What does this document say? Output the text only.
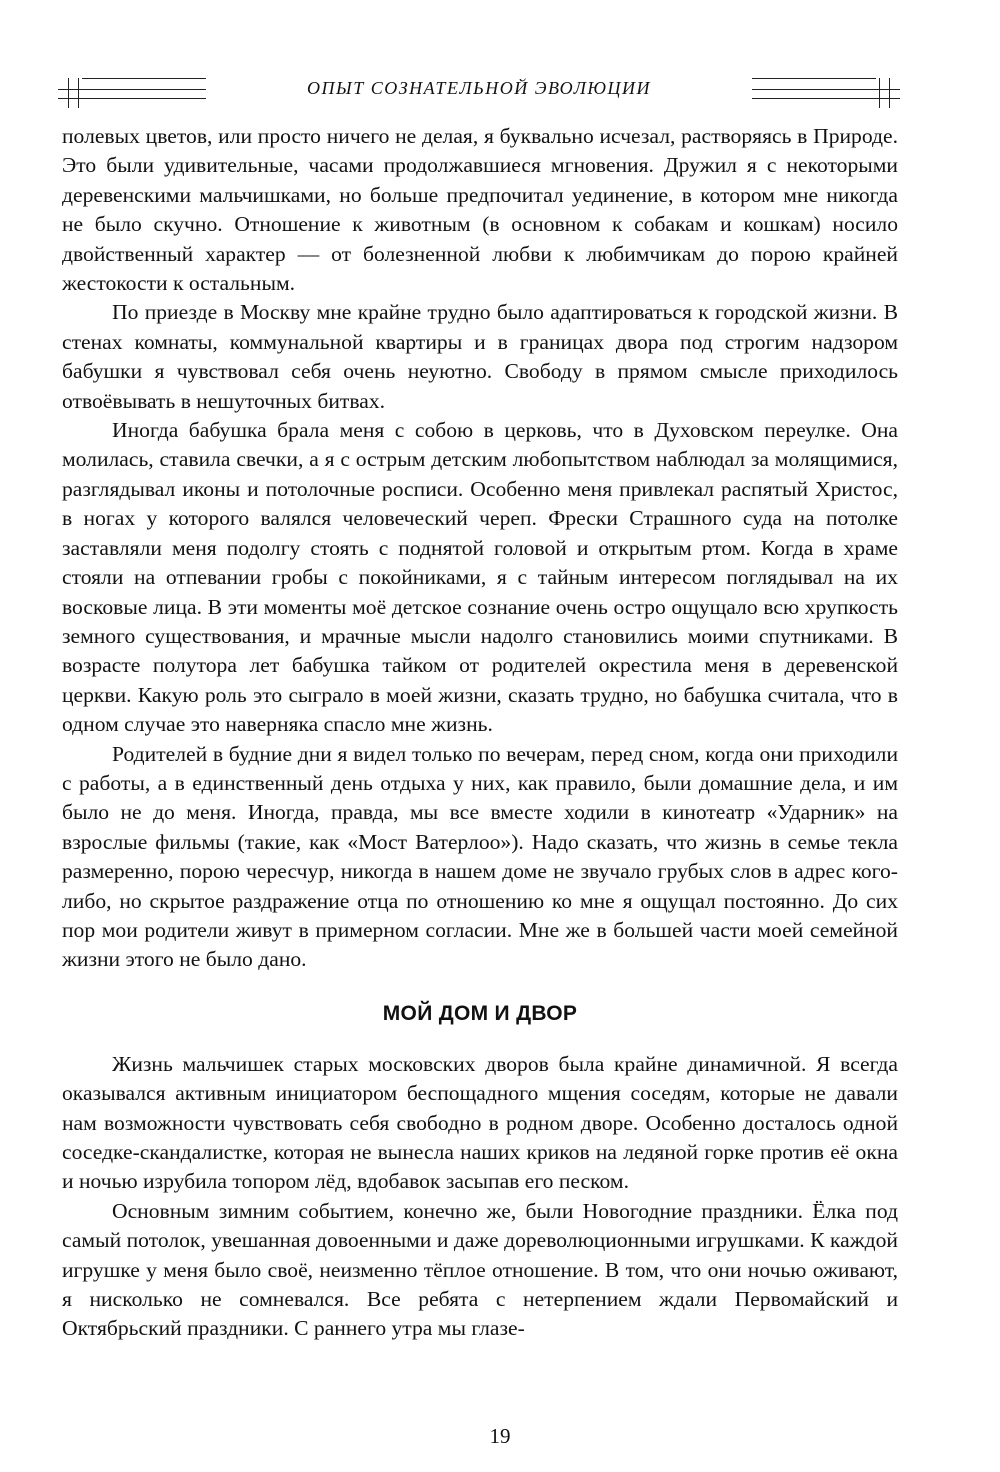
ОПЫТ СОЗНАТЕЛЬНОЙ ЭВОЛЮЦИИ

полевых цветов, или просто ничего не делая, я буквально исчезал, растворяясь в Природе. Это были удивительные, часами продолжавшиеся мгновения. Дружил я с некоторыми деревенскими мальчишками, но больше предпочитал уединение, в котором мне никогда не было скучно. Отношение к животным (в основном к собакам и кошкам) носило двойственный характер — от болезненной любви к любимчикам до порою крайней жестокости к остальным.

По приезде в Москву мне крайне трудно было адаптироваться к городской жизни. В стенах комнаты, коммунальной квартиры и в границах двора под строгим надзором бабушки я чувствовал себя очень неуютно. Свободу в прямом смысле приходилось отвоёвывать в нешуточных битвах.

Иногда бабушка брала меня с собою в церковь, что в Духовском переулке. Она молилась, ставила свечки, а я с острым детским любопытством наблюдал за молящимися, разглядывал иконы и потолочные росписи. Особенно меня привлекал распятый Христос, в ногах у которого валялся человеческий череп. Фрески Страшного суда на потолке заставляли меня подолгу стоять с поднятой головой и открытым ртом. Когда в храме стояли на отпевании гробы с покойниками, я с тайным интересом поглядывал на их восковые лица. В эти моменты моё детское сознание очень остро ощущало всю хрупкость земного существования, и мрачные мысли надолго становились моими спутниками. В возрасте полутора лет бабушка тайком от родителей окрестила меня в деревенской церкви. Какую роль это сыграло в моей жизни, сказать трудно, но бабушка считала, что в одном случае это наверняка спасло мне жизнь.

Родителей в будние дни я видел только по вечерам, перед сном, когда они приходили с работы, а в единственный день отдыха у них, как правило, были домашние дела, и им было не до меня. Иногда, правда, мы все вместе ходили в кинотеатр «Ударник» на взрослые фильмы (такие, как «Мост Ватерлоо»). Надо сказать, что жизнь в семье текла размеренно, порою чересчур, никогда в нашем доме не звучало грубых слов в адрес кого-либо, но скрытое раздражение отца по отношению ко мне я ощущал постоянно. До сих пор мои родители живут в примерном согласии. Мне же в большей части моей семейной жизни этого не было дано.

МОЙ ДОМ И ДВОР

Жизнь мальчишек старых московских дворов была крайне динамичной. Я всегда оказывался активным инициатором беспощадного мщения соседям, которые не давали нам возможности чувствовать себя свободно в родном дворе. Особенно досталось одной соседке-скандалистке, которая не вынесла наших криков на ледяной горке против её окна и ночью изрубила топором лёд, вдобавок засыпав его песком.

Основным зимним событием, конечно же, были Новогодние праздники. Ёлка под самый потолок, увешанная довоенными и даже дореволюционными игрушками. К каждой игрушке у меня было своё, неизменно тёплое отношение. В том, что они ночью оживают, я нисколько не сомневался. Все ребята с нетерпением ждали Первомайский и Октябрьский праздники. С раннего утра мы глазе-

19
